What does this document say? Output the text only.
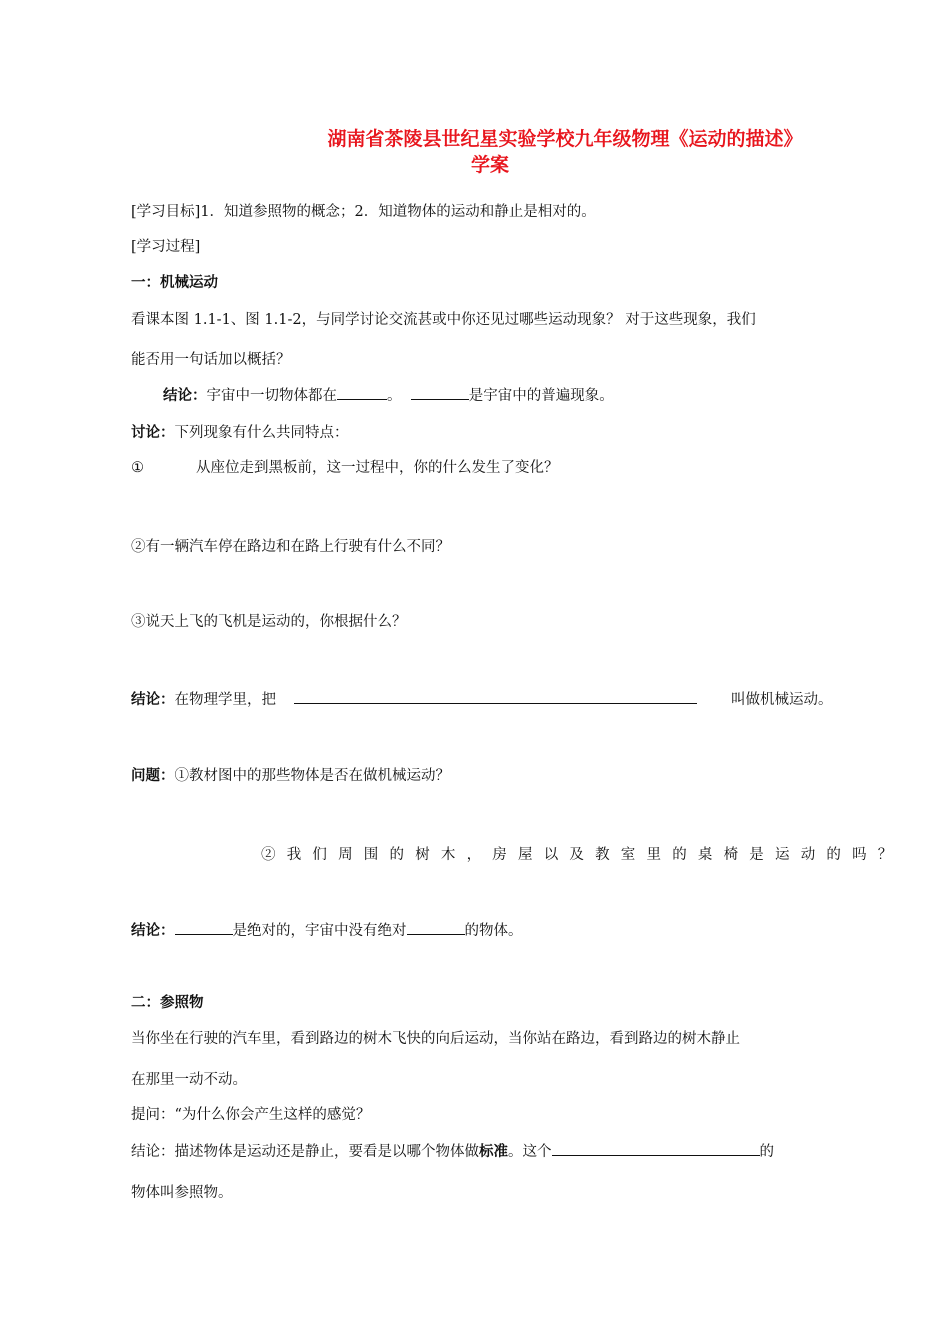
湖南省茶陵县世纪星实验学校九年级物理《运动的描述》
学案
[学习目标]1．知道参照物的概念；2．知道物体的运动和静止是相对的。
[学习过程]
一：机械运动
看课本图 1.1-1、图 1.1-2，与同学讨论交流甚或中你还见过哪些运动现象？ 对于这些现象，我们
能否用一句话加以概括？
结论：宇宙中一切物体都在	。	是宇宙中的普遍现象。
讨论：下列现象有什么共同特点：
①	从座位走到黑板前，这一过程中，你的什么发生了变化？
②有一辆汽车停在路边和在路上行驶有什么不同？
③说天上飞的飞机是运动的，你根据什么？
结论：在物理学里，把	叫做机械运动。
问题：①教材图中的那些物体是否在做机械运动？
②我们周围的树木，房屋以及教室里的桌椅是运动的吗？
结论：	是绝对的，宇宙中没有绝对	的物体。
二：参照物
当你坐在行驶的汽车里，看到路边的树木飞快的向后运动，当你站在路边，看到路边的树木静止
在那里一动不动。
提问：“为什么你会产生这样的感觉？
结论：描述物体是运动还是静止，要看是以哪个物体做标准。这个	的
物体叫参照物。
